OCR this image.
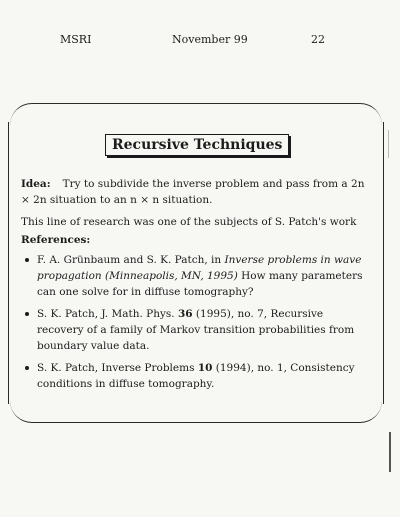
MSRI	November 99	22
Recursive Techniques

Idea: Try to subdivide the inverse problem and pass from a 2n × 2n situation to an n × n situation.

This line of research was one of the subjects of S. Patch's work

References:

F. A. Grünbaum and S. K. Patch, in Inverse problems in wave propagation (Minneapolis, MN, 1995) How many parameters can one solve for in diffuse tomography?
S. K. Patch, J. Math. Phys. 36 (1995), no. 7, Recursive recovery of a family of Markov transition probabilities from boundary value data.
S. K. Patch, Inverse Problems 10 (1994), no. 1, Consistency conditions in diffuse tomography.
